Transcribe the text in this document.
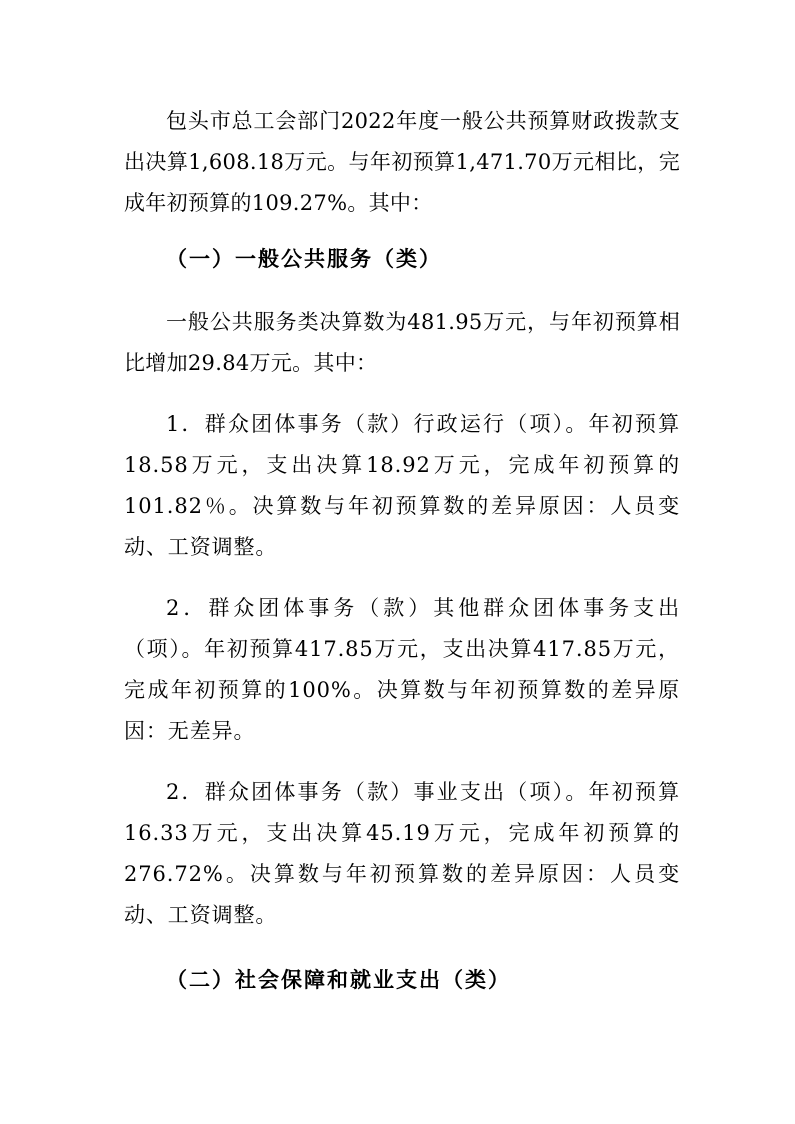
包头市总工会部门2022年度一般公共预算财政拨款支出决算1,608.18万元。与年初预算1,471.70万元相比，完成年初预算的109.27%。其中：

（一）一般公共服务（类）

一般公共服务类决算数为481.95万元，与年初预算相比增加29.84万元。其中：

1．群众团体事务（款）行政运行（项）。年初预算18.58万元，支出决算18.92万元，完成年初预算的101.82％。决算数与年初预算数的差异原因：人员变动、工资调整。

2．群众团体事务（款）其他群众团体事务支出（项）。年初预算417.85万元，支出决算417.85万元，完成年初预算的100%。决算数与年初预算数的差异原因：无差异。

2．群众团体事务（款）事业支出（项）。年初预算16.33万元，支出决算45.19万元，完成年初预算的276.72%。决算数与年初预算数的差异原因：人员变动、工资调整。

（二）社会保障和就业支出（类）
